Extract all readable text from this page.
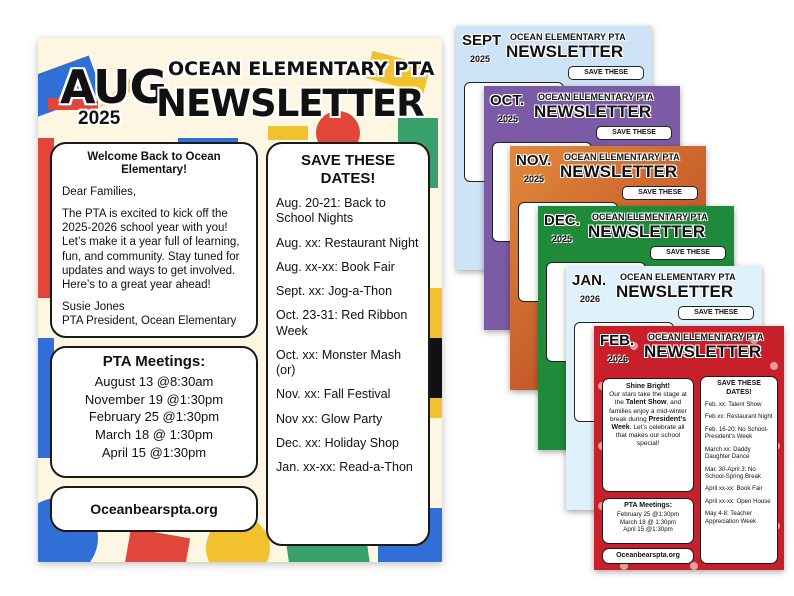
AUG
2025
OCEAN ELEMENTARY PTA
NEWSLETTER
Welcome Back to Ocean Elementary!

Dear Families,

The PTA is excited to kick off the 2025-2026 school year with you! Let’s make it a year full of learning, fun, and community. Stay tuned for updates and ways to get involved.

Here’s to a great year ahead!

Susie Jones
PTA President, Ocean Elementary
PTA Meetings:
August 13 @8:30am
November 19 @1:30pm
February 25 @1:30pm
March 18 @ 1:30pm
April 15 @1:30pm
Oceanbearspta.org
SAVE THESE DATES!
Aug. 20-21: Back to School Nights
Aug. xx: Restaurant Night
Aug. xx-xx: Book Fair
Sept. xx: Jog-a-Thon
Oct. 23-31: Red Ribbon Week
Oct. xx: Monster Mash (or)
Nov. xx: Fall Festival
Nov xx: Glow Party
Dec. xx: Holiday Shop
Jan. xx-xx: Read-a-Thon
SEPT
2025
OCEAN ELEMENTARY PTA
NEWSLETTER
SAVE THESE
OCT.
2025
OCEAN ELEMENTARY PTA
NEWSLETTER
SAVE THESE
NOV.
2025
OCEAN ELEMENTARY PTA
NEWSLETTER
SAVE THESE
DEC.
2025
OCEAN ELEMENTARY PTA
NEWSLETTER
SAVE THESE
JAN.
2026
OCEAN ELEMENTARY PTA
NEWSLETTER
SAVE THESE
FEB.
2026
OCEAN ELEMENTARY PTA
NEWSLETTER
Shine Bright!
Our stars take the stage at the Talent Show, and families enjoy a mid-winter break during President’s Week. Let’s celebrate all that makes our school special!
PTA Meetings:
February 25 @1:30pm
March 18 @ 1:30pm
April 15 @1:30pm
Oceanbearspta.org
SAVE THESE DATES!
Feb. xx: Talent Show
Feb xx: Restaurant Night
Feb. 16-20: No School-President’s Week
March xx: Daddy Daughter Dance
Mar. 30-April 3: No School-Spring Break
April xx-xx: Book Fair
April xx-xx: Open House
May 4-8: Teacher Appreciation Week
